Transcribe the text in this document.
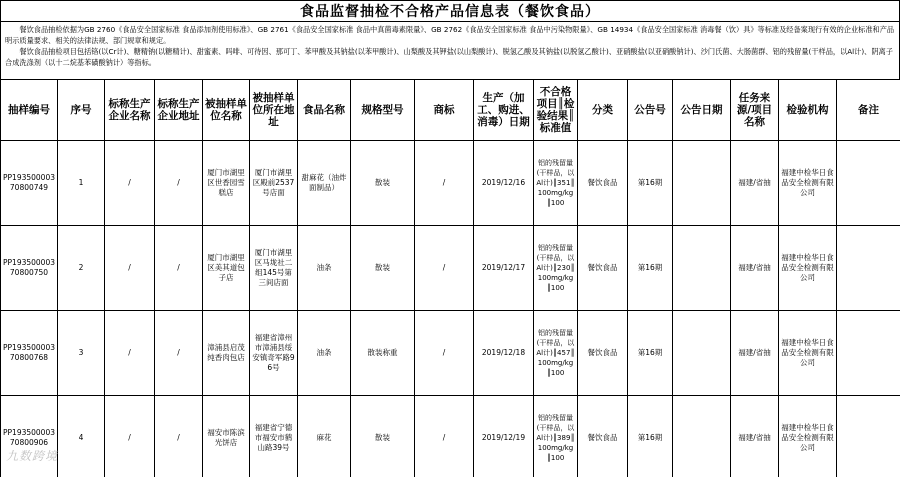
食品监督抽检不合格产品信息表（餐饮食品）

餐饮食品抽检依据为GB 2760《食品安全国家标准 食品添加剂使用标准》、GB 2761《食品安全国家标准 食品中真菌毒素限量》、GB 2762《食品安全国家标准 食品中污染物限量》、GB 14934《食品安全国家标准 消毒餐（饮）具》等标准及经备案现行有效的企业标准和产品明示质量要求、相关的法律法规、部门规章和规定。

餐饮食品抽检项目包括铬(以Cr计)、糖精钠(以糖精计)、甜蜜素、吗啡、可待因、那可丁、苯甲酸及其钠盐(以苯甲酸计)、山梨酸及其钾盐(以山梨酸计)、脱氢乙酸及其钠盐(以脱氢乙酸计)、亚硝酸盐(以亚硝酸钠计)、沙门氏菌、大肠菌群、铝的残留量(干样品，以Al计)、阴离子合成洗涤剂（以十二烷基苯磺酸钠计）等指标。

抽样编号	序号	标称生产企业名称	标称生产企业地址	被抽样单位名称	被抽样单位所在地址	食品名称	规格型号	商标	生产（加工、购进、消毒）日期	不合格项目║检验结果║标准值	分类	公告号	公告日期	任务来源/项目名称	检验机构	备注
PP19350000370800749	1	/	/	厦门市湖里区世香园雪糕店	厦门市湖里区殿前2537号店面	甜麻花（油炸面制品）	散装	/	2019/12/16	铝的残留量(干样品，以Al计)║351║100mg/kg║100	餐饮食品	第16期		福建/省抽	福建中检华日食品安全检测有限公司	
PP19350000370800750	2	/	/	厦门市湖里区美其道包子店	厦门市湖里区马垅社二组145号第三间店面	油条	散装	/	2019/12/17	铝的残留量(干样品，以Al计)║230║100mg/kg║100	餐饮食品	第16期		福建/省抽	福建中检华日食品安全检测有限公司	
PP19350000370800768	3	/	/	漳浦县启茂纯香肉包店	福建省漳州市漳浦县绥安镇奇军路96号	油条	散装称重	/	2019/12/18	铝的残留量(干样品，以Al计)║457║100mg/kg║100	餐饮食品	第16期		福建/省抽	福建中检华日食品安全检测有限公司	
PP19350000370800906	4	/	/	福安市陈滨光饼店	福建省宁德市福安市鹤山路39号	麻花	散装	/	2019/12/19	铝的残留量(干样品，以Al计)║389║100mg/kg║100	餐饮食品	第16期		福建/省抽	福建中检华日食品安全检测有限公司	
九数跨境
